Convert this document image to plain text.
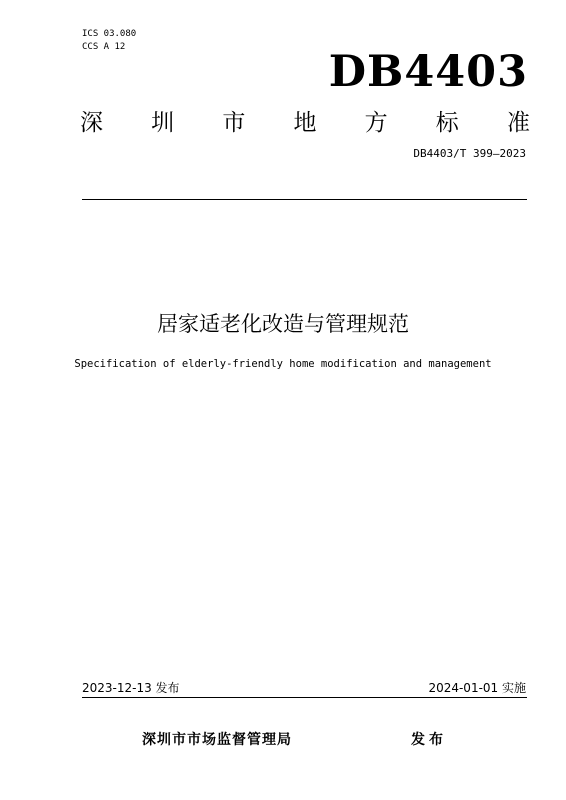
ICS 03.080
CCS A 12	DB4403
深 圳 市 地 方 标 准
DB4403/T 399—2023
居家适老化改造与管理规范
Specification of elderly-friendly home modification and management
2023-12-13 发布	2024-01-01 实施
深圳市市场监督管理局	发布
